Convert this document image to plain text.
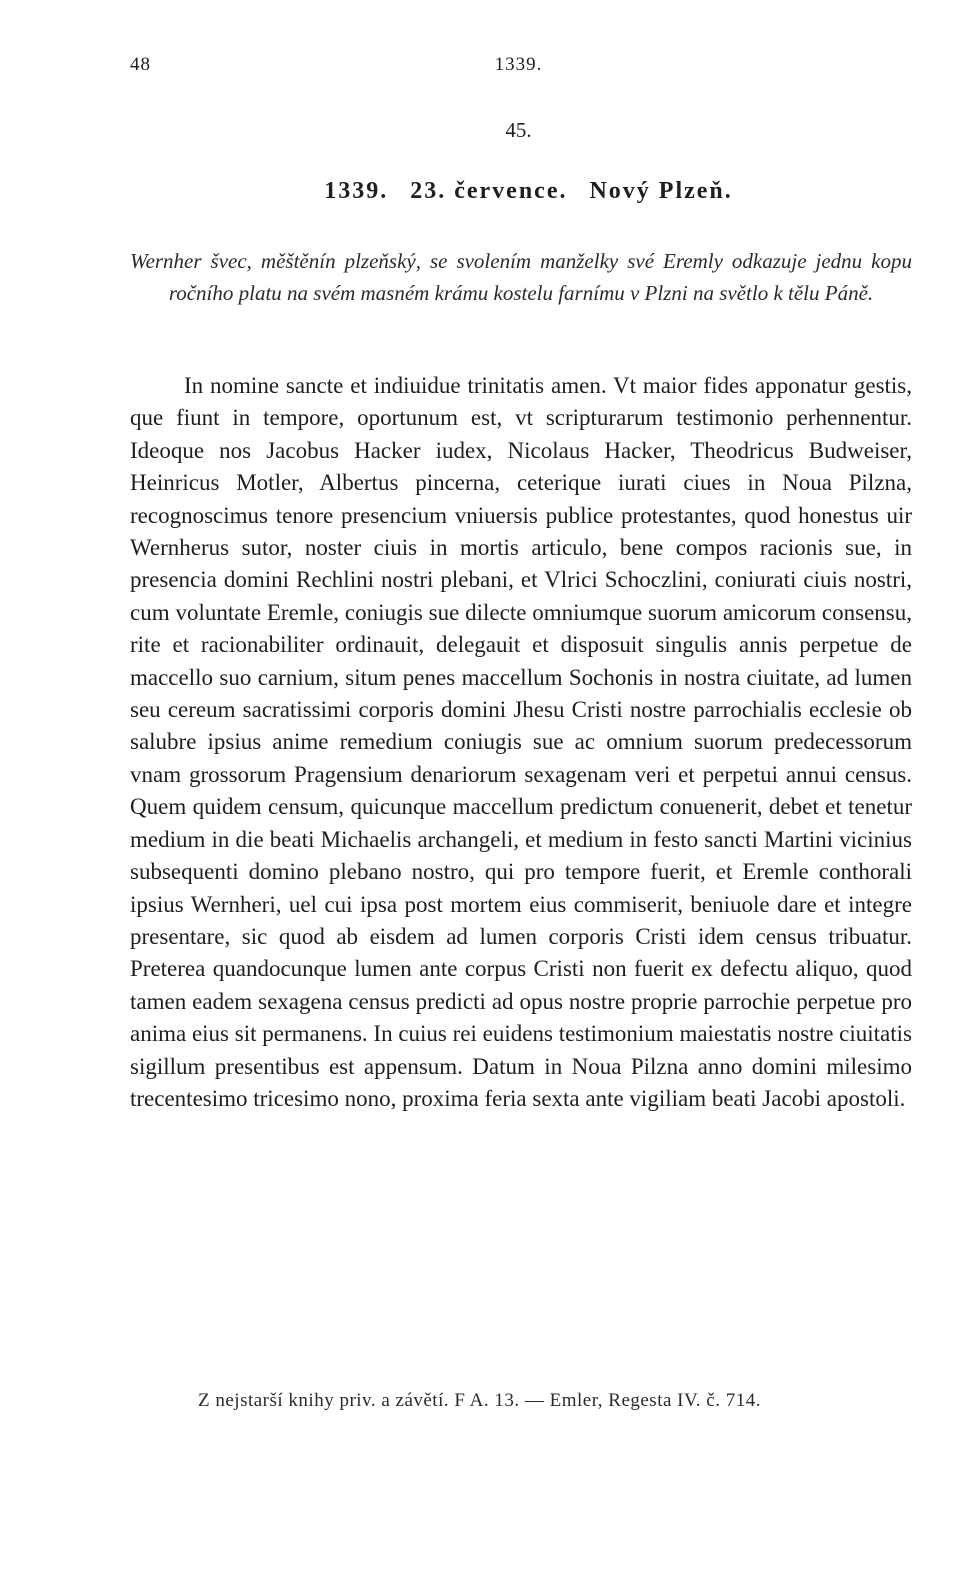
48	1339.
45.
1339. 23. července. Nový Plzeň.
Wernher švec, měštěnín plzeňský, se svolením manželky své Eremly odkazuje jednu kopu ročního platu na svém masném krámu kostelu farnímu v Plzni na světlo k tělu Páně.

In nomine sancte et indiuidue trinitatis amen. Vt maior fides apponatur gestis, que fiunt in tempore, oportunum est, vt scripturarum testimonio perhennentur. Ideoque nos Jacobus Hacker iudex, Nicolaus Hacker, Theodricus Budweiser, Heinricus Motler, Albertus pincerna, ceterique iurati ciues in Noua Pilzna, recognoscimus tenore presencium vniuersis publice protestantes, quod honestus uir Wernherus sutor, noster ciuis in mortis articulo, bene compos racionis sue, in presencia domini Rechlini nostri plebani, et Vlrici Schoczlini, coniurati ciuis nostri, cum voluntate Eremle, coniugis sue dilecte omniumque suorum amicorum consensu, rite et racionabiliter ordinauit, delegauit et disposuit singulis annis perpetue de maccello suo carnium, situm penes maccellum Sochonis in nostra ciuitate, ad lumen seu cereum sacratissimi corporis domini Jhesu Cristi nostre parrochialis ecclesie ob salubre ipsius anime remedium coniugis sue ac omnium suorum predecessorum vnam grossorum Pragensium denariorum sexagenam veri et perpetui annui census. Quem quidem censum, quicunque maccellum predictum conuenerit, debet et tenetur medium in die beati Michaelis archangeli, et medium in festo sancti Martini vicinius subsequenti domino plebano nostro, qui pro tempore fuerit, et Eremle conthorali ipsius Wernheri, uel cui ipsa post mortem eius commiserit, beniuole dare et integre presentare, sic quod ab eisdem ad lumen corporis Cristi idem census tribuatur. Preterea quandocunque lumen ante corpus Cristi non fuerit ex defectu aliquo, quod tamen eadem sexagena census predicti ad opus nostre proprie parrochie perpetue pro anima eius sit permanens. In cuius rei euidens testimonium maiestatis nostre ciuitatis sigillum presentibus est appensum. Datum in Noua Pilzna anno domini milesimo trecentesimo tricesimo nono, proxima feria sexta ante vigiliam beati Jacobi apostoli.

Z nejstarší knihy priv. a závětí. F A. 13. — Emler, Regesta IV. č. 714.
